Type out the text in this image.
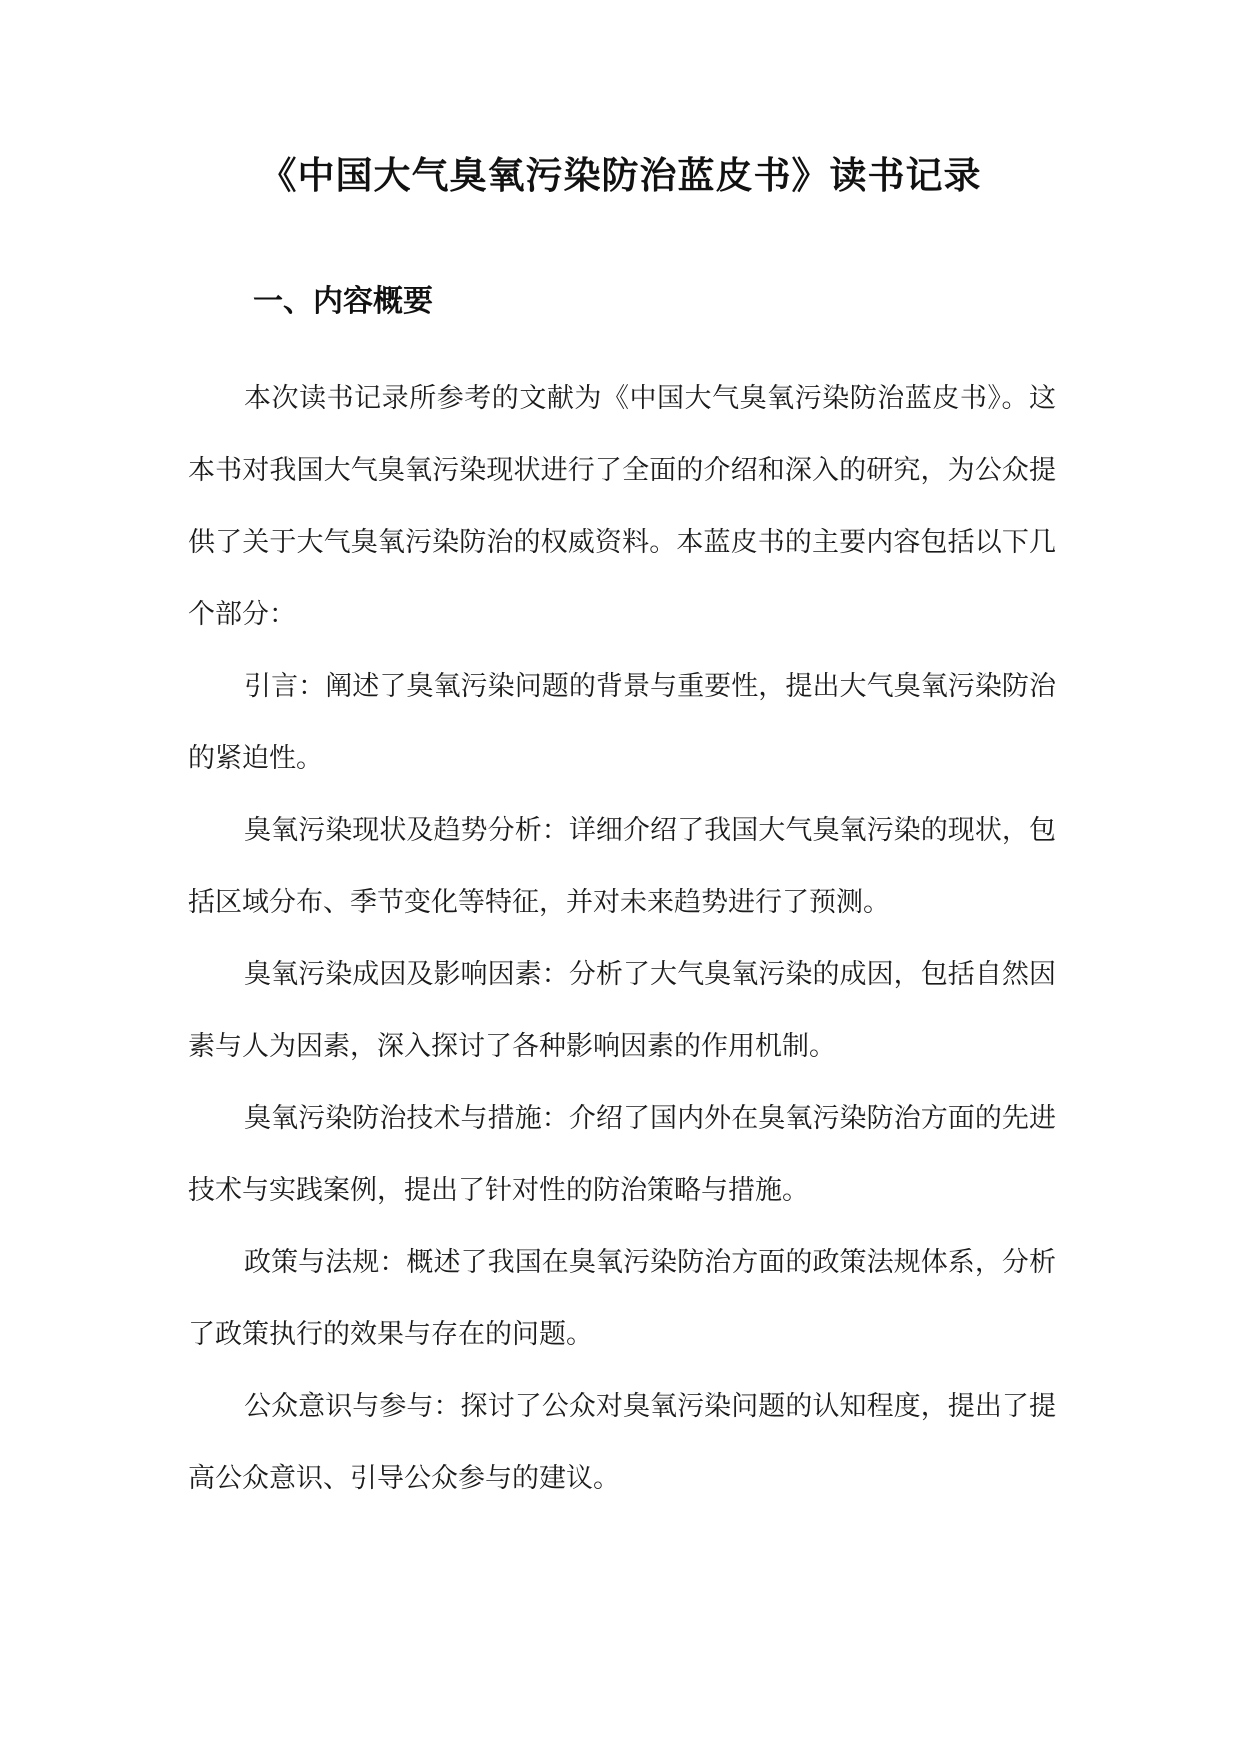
《中国大气臭氧污染防治蓝皮书》读书记录
一、内容概要

本次读书记录所参考的文献为《中国大气臭氧污染防治蓝皮书》。这本书对我国大气臭氧污染现状进行了全面的介绍和深入的研究，为公众提供了关于大气臭氧污染防治的权威资料。本蓝皮书的主要内容包括以下几个部分：

引言：阐述了臭氧污染问题的背景与重要性，提出大气臭氧污染防治的紧迫性。

臭氧污染现状及趋势分析：详细介绍了我国大气臭氧污染的现状，包括区域分布、季节变化等特征，并对未来趋势进行了预测。

臭氧污染成因及影响因素：分析了大气臭氧污染的成因，包括自然因素与人为因素，深入探讨了各种影响因素的作用机制。

臭氧污染防治技术与措施：介绍了国内外在臭氧污染防治方面的先进技术与实践案例，提出了针对性的防治策略与措施。

政策与法规：概述了我国在臭氧污染防治方面的政策法规体系，分析了政策执行的效果与存在的问题。

公众意识与参与：探讨了公众对臭氧污染问题的认知程度，提出了提高公众意识、引导公众参与的建议。
